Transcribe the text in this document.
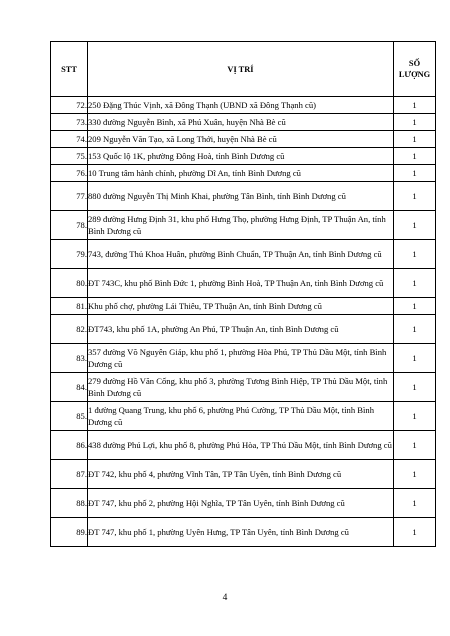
STT	VỊ TRÍ	SỐ LƯỢNG
72.	250 Đặng Thúc Vịnh, xã Đông Thạnh (UBND xã Đông Thạnh cũ)	1
73.	330 đường Nguyễn Bình, xã Phú Xuân, huyện Nhà Bè cũ	1
74.	209 Nguyễn Văn Tạo, xã Long Thới, huyện Nhà Bè cũ	1
75.	153 Quốc lộ 1K, phường Đông Hoà, tỉnh Bình Dương cũ	1
76.	10 Trung tâm hành chính, phường Dĩ An, tỉnh Bình Dương cũ	1
77.	880 đường Nguyễn Thị Minh Khai, phường Tân Bình, tỉnh Bình Dương cũ	1
78.	289 đường Hưng Định 31, khu phố Hưng Thọ, phường Hưng Định, TP Thuận An, tỉnh Bình Dương cũ	1
79.	743, đường Thủ Khoa Huân, phường Bình Chuẩn, TP Thuận An, tỉnh Bình Dương cũ	1
80.	ĐT 743C, khu phố Bình Đức 1, phường Bình Hoà, TP Thuận An, tỉnh Bình Dương cũ	1
81.	Khu phố chợ, phường Lái Thiêu, TP Thuận An, tỉnh Bình Dương cũ	1
82.	ĐT743, khu phố 1A, phường An Phú, TP Thuận An, tỉnh Bình Dương cũ	1
83.	357 đường Võ Nguyên Giáp, khu phố 1, phường Hòa Phú, TP Thủ Dầu Một, tỉnh Bình Dương cũ	1
84.	279 đường Hồ Văn Cống, khu phố 3, phường Tương Bình Hiệp, TP Thủ Dầu Một, tỉnh Bình Dương cũ	1
85.	1 đường Quang Trung, khu phố 6, phường Phú Cường, TP Thủ Dầu Một, tỉnh Bình Dương cũ	1
86.	438 đường Phú Lợi, khu phố 8, phường Phú Hòa, TP Thủ Dầu Một, tỉnh Bình Dương cũ	1
87.	ĐT 742, khu phố 4, phường Vĩnh Tân, TP Tân Uyên, tỉnh Bình Dương cũ	1
88.	ĐT 747, khu phố 2, phường Hội Nghĩa, TP Tân Uyên, tỉnh Bình Dương cũ	1
89.	ĐT 747, khu phố 1, phường Uyên Hưng, TP Tân Uyên, tỉnh Bình Dương cũ	1
4
